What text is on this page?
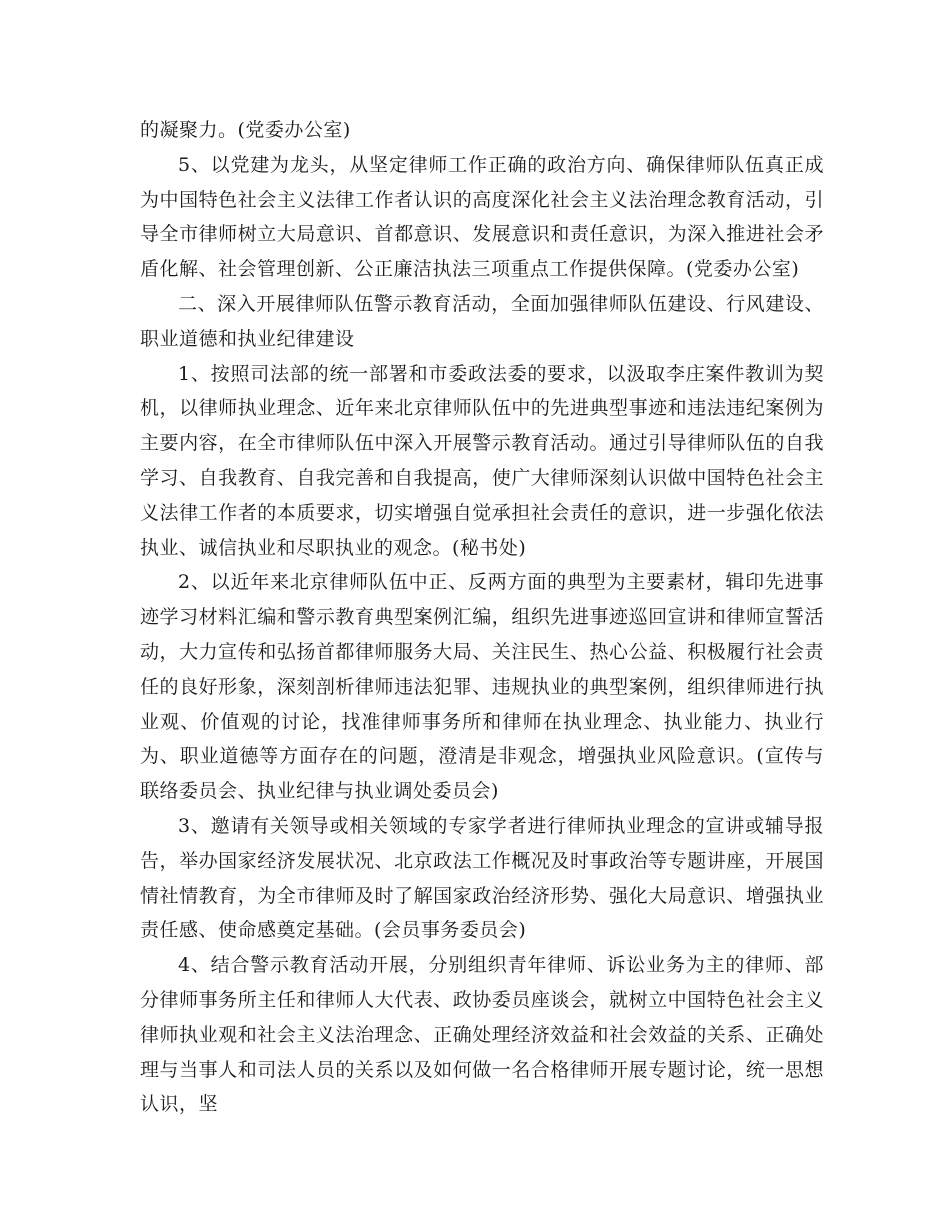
的凝聚力。(党委办公室)

5、以党建为龙头，从坚定律师工作正确的政治方向、确保律师队伍真正成为中国特色社会主义法律工作者认识的高度深化社会主义法治理念教育活动，引导全市律师树立大局意识、首都意识、发展意识和责任意识，为深入推进社会矛盾化解、社会管理创新、公正廉洁执法三项重点工作提供保障。(党委办公室)

二、深入开展律师队伍警示教育活动，全面加强律师队伍建设、行风建设、职业道德和执业纪律建设

1、按照司法部的统一部署和市委政法委的要求，以汲取李庄案件教训为契机，以律师执业理念、近年来北京律师队伍中的先进典型事迹和违法违纪案例为主要内容，在全市律师队伍中深入开展警示教育活动。通过引导律师队伍的自我学习、自我教育、自我完善和自我提高，使广大律师深刻认识做中国特色社会主义法律工作者的本质要求，切实增强自觉承担社会责任的意识，进一步强化依法执业、诚信执业和尽职执业的观念。(秘书处)

2、以近年来北京律师队伍中正、反两方面的典型为主要素材，辑印先进事迹学习材料汇编和警示教育典型案例汇编，组织先进事迹巡回宣讲和律师宣誓活动，大力宣传和弘扬首都律师服务大局、关注民生、热心公益、积极履行社会责任的良好形象，深刻剖析律师违法犯罪、违规执业的典型案例，组织律师进行执业观、价值观的讨论，找准律师事务所和律师在执业理念、执业能力、执业行为、职业道德等方面存在的问题，澄清是非观念，增强执业风险意识。(宣传与联络委员会、执业纪律与执业调处委员会)

3、邀请有关领导或相关领域的专家学者进行律师执业理念的宣讲或辅导报告，举办国家经济发展状况、北京政法工作概况及时事政治等专题讲座，开展国情社情教育，为全市律师及时了解国家政治经济形势、强化大局意识、增强执业责任感、使命感奠定基础。(会员事务委员会)

4、结合警示教育活动开展，分别组织青年律师、诉讼业务为主的律师、部分律师事务所主任和律师人大代表、政协委员座谈会，就树立中国特色社会主义律师执业观和社会主义法治理念、正确处理经济效益和社会效益的关系、正确处理与当事人和司法人员的关系以及如何做一名合格律师开展专题讨论，统一思想认识，坚
